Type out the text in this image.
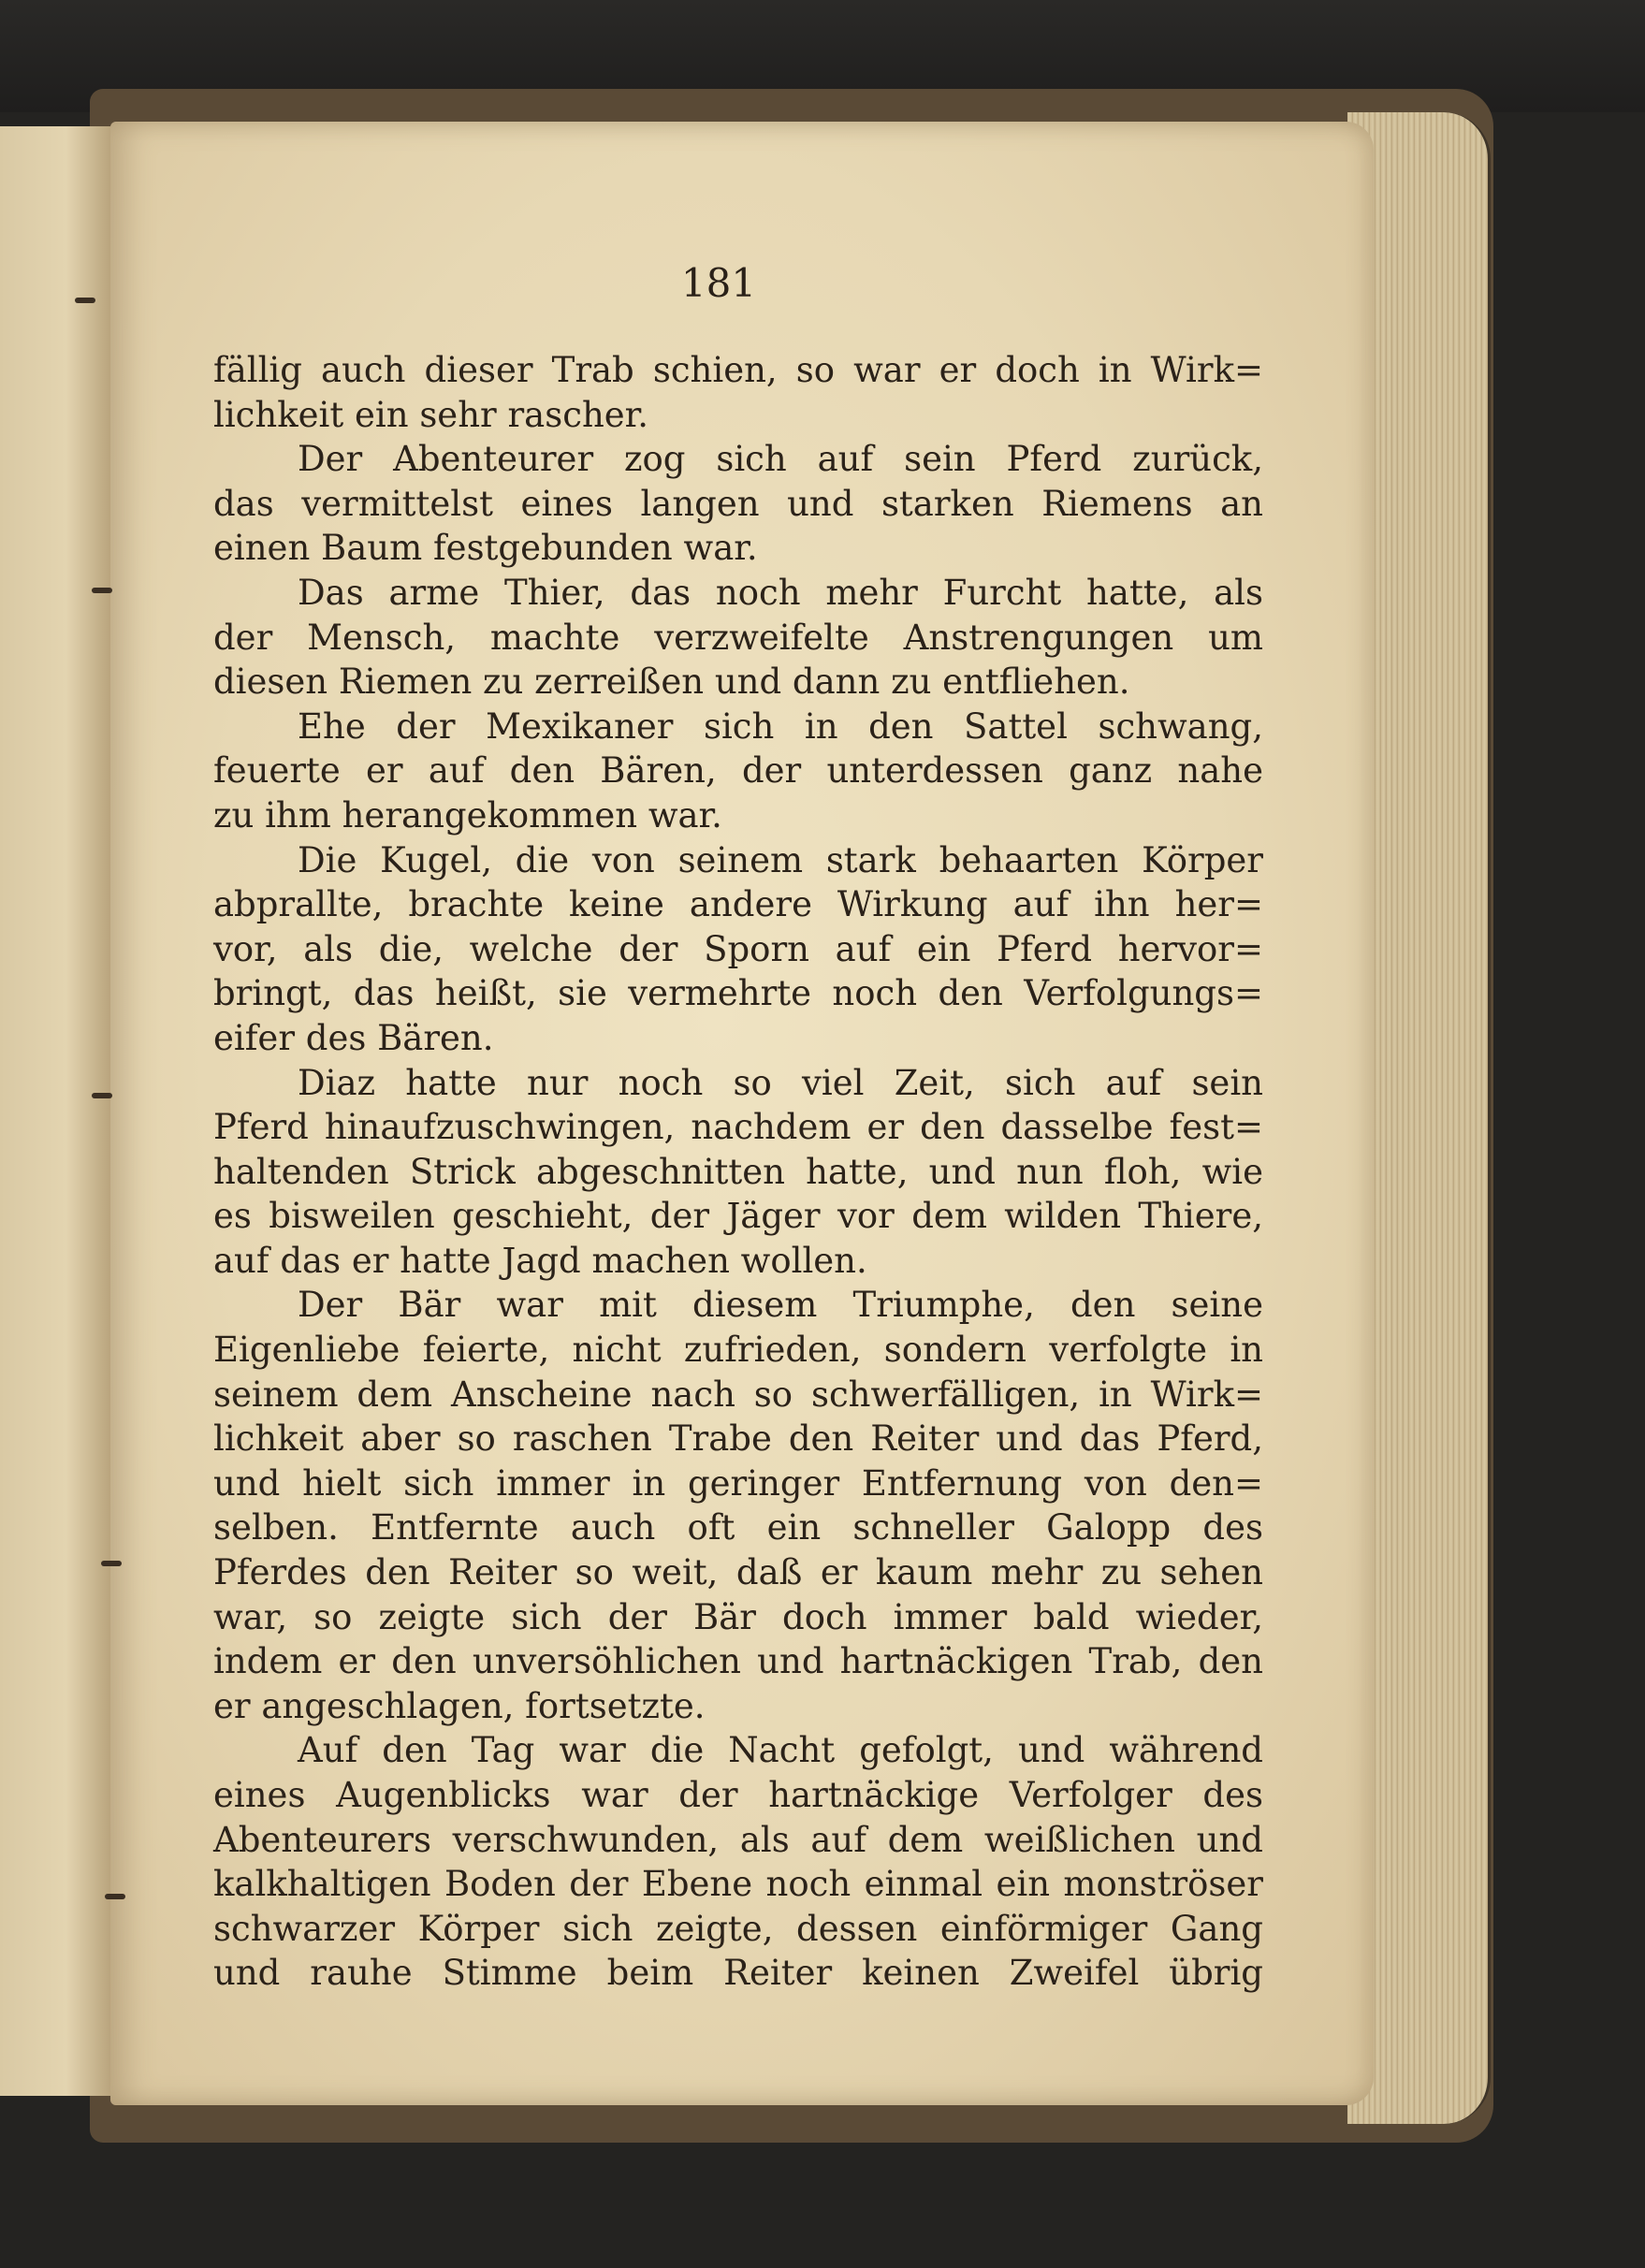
181
fällig auch dieser Trab schien, so war er doch in Wirk=
lichkeit ein sehr rascher.
Der Abenteurer zog sich auf sein Pferd zurück,
das vermittelst eines langen und starken Riemens an
einen Baum festgebunden war.
Das arme Thier, das noch mehr Furcht hatte, als
der Mensch, machte verzweifelte Anstrengungen um
diesen Riemen zu zerreißen und dann zu entfliehen.
Ehe der Mexikaner sich in den Sattel schwang,
feuerte er auf den Bären, der unterdessen ganz nahe
zu ihm herangekommen war.
Die Kugel, die von seinem stark behaarten Körper
abprallte, brachte keine andere Wirkung auf ihn her=
vor, als die, welche der Sporn auf ein Pferd hervor=
bringt, das heißt, sie vermehrte noch den Verfolgungs=
eifer des Bären.
Diaz hatte nur noch so viel Zeit, sich auf sein
Pferd hinaufzuschwingen, nachdem er den dasselbe fest=
haltenden Strick abgeschnitten hatte, und nun floh, wie
es bisweilen geschieht, der Jäger vor dem wilden Thiere,
auf das er hatte Jagd machen wollen.
Der Bär war mit diesem Triumphe, den seine
Eigenliebe feierte, nicht zufrieden, sondern verfolgte in
seinem dem Anscheine nach so schwerfälligen, in Wirk=
lichkeit aber so raschen Trabe den Reiter und das Pferd,
und hielt sich immer in geringer Entfernung von den=
selben. Entfernte auch oft ein schneller Galopp des
Pferdes den Reiter so weit, daß er kaum mehr zu sehen
war, so zeigte sich der Bär doch immer bald wieder,
indem er den unversöhlichen und hartnäckigen Trab, den
er angeschlagen, fortsetzte.
Auf den Tag war die Nacht gefolgt, und während
eines Augenblicks war der hartnäckige Verfolger des
Abenteurers verschwunden, als auf dem weißlichen und
kalkhaltigen Boden der Ebene noch einmal ein monströser
schwarzer Körper sich zeigte, dessen einförmiger Gang
und rauhe Stimme beim Reiter keinen Zweifel übrig
